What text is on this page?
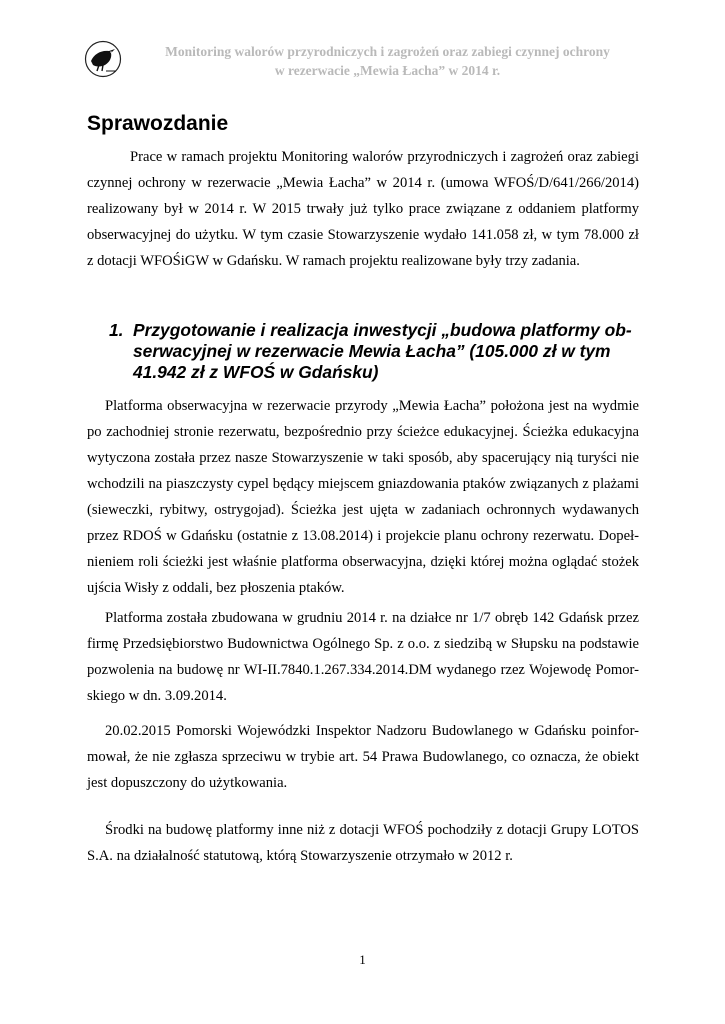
Monitoring walorów przyrodniczych i zagrożeń oraz zabiegi czynnej ochrony
w rezerwacie „Mewia Łacha” w 2014 r.
Sprawozdanie
Prace w ramach projektu Monitoring walorów przyrodniczych i zagrożeń oraz zabiegi
czynnej ochrony w rezerwacie „Mewia Łacha” w 2014 r. (umowa WFOŚ/D/641/266/2014)
realizowany był w 2014 r. W 2015 trwały już tylko prace związane z oddaniem platformy
obserwacyjnej do użytku. W tym czasie Stowarzyszenie wydało 141.058 zł, w tym 78.000 zł
z dotacji WFOŚiGW w Gdańsku. W ramach projektu realizowane były trzy zadania.
1. Przygotowanie i realizacja inwestycji „budowa platformy ob-
serwacyjnej w rezerwacie Mewia Łacha” (105.000 zł w tym
41.942 zł z WFOŚ w Gdańsku)
Platforma obserwacyjna w rezerwacie przyrody „Mewia Łacha” położona jest na wydmie
po zachodniej stronie rezerwatu, bezpośrednio przy ścieżce edukacyjnej. Ścieżka edukacyjna
wytyczona została przez nasze Stowarzyszenie w taki sposób, aby spacerujący nią turyści nie
wchodzili na piaszczysty cypel będący miejscem gniazdowania ptaków związanych z plażami
(sieweczki, rybitwy, ostrygojad). Ścieżka jest ujęta w zadaniach ochronnych wydawanych
przez RDOŚ w Gdańsku (ostatnie z 13.08.2014) i projekcie planu ochrony rezerwatu. Dopeł-
nieniem roli ścieżki jest właśnie platforma obserwacyjna, dzięki której można oglądać stożek
ujścia Wisły z oddali, bez płoszenia ptaków.
Platforma została zbudowana w grudniu 2014 r. na działce nr 1/7 obręb 142 Gdańsk przez
firmę Przedsiębiorstwo Budownictwa Ogólnego Sp. z o.o. z siedzibą w Słupsku na podstawie
pozwolenia na budowę nr WI-II.7840.1.267.334.2014.DM wydanego rzez Wojewodę Pomor-
skiego w dn. 3.09.2014.
20.02.2015 Pomorski Wojewódzki Inspektor Nadzoru Budowlanego w Gdańsku poinfor-
mował, że nie zgłasza sprzeciwu w trybie art. 54 Prawa Budowlanego, co oznacza, że obiekt
jest dopuszczony do użytkowania.
Środki na budowę platformy inne niż z dotacji WFOŚ pochodziły z dotacji Grupy LOTOS
S.A. na działalność statutową, którą Stowarzyszenie otrzymało w 2012 r.
1
